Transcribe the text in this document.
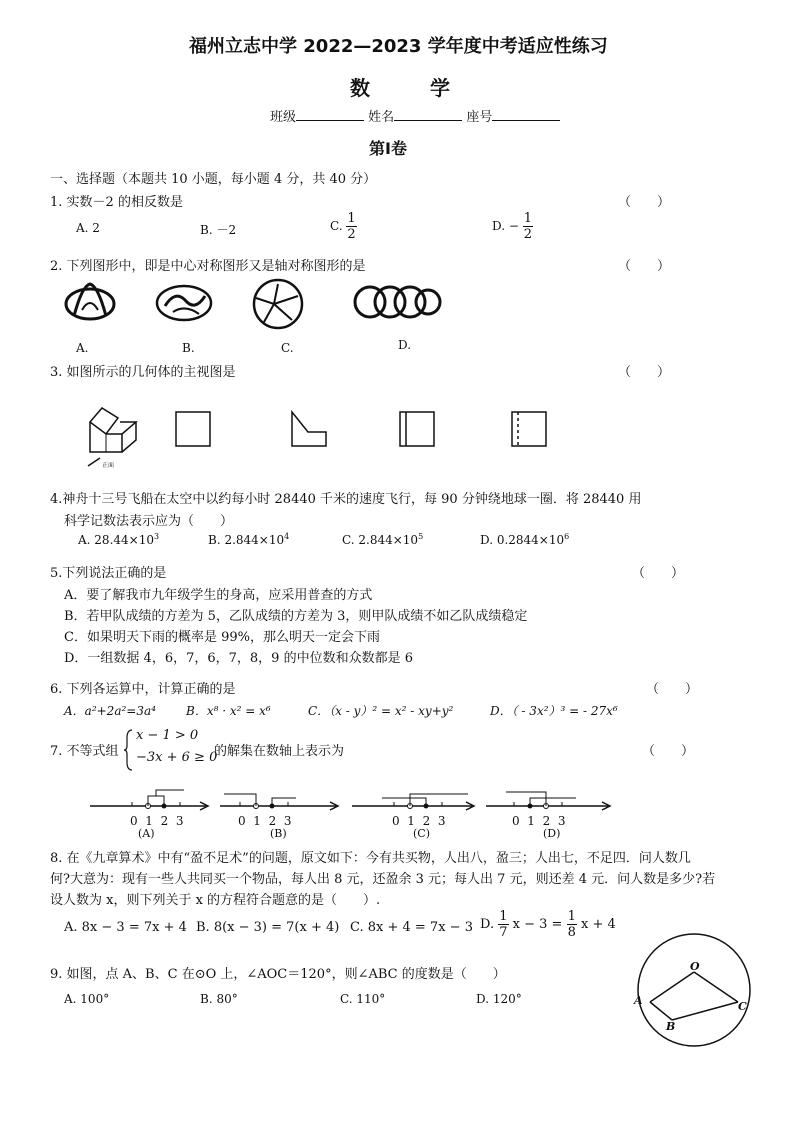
福州立志中学 2022—2023 学年度中考适应性练习
数　　　学
班级	姓名	座号
第Ⅰ卷
一、选择题（本题共 10 小题，每小题 4 分，共 40 分）
1. 实数－2 的相反数是	（　　）
A. 2	B. －2	C. $\frac{1}{2}$	D. − $\frac{1}{2}$
2. 下列图形中，即是中心对称图形又是轴对称图形的是	（　　）
A.	B.	C.	D.
3. 如图所示的几何体的主视图是	（　　）
正面
4.神舟十三号飞船在太空中以约每小时 28440 千米的速度飞行，每 90 分钟绕地球一圈．将 28440 用
科学记数法表示应为（　　）
A. $28.44\times 10^3$	B. $2.844\times 10^4$	C. $2.844\times 10^5$	D. $0.2844\times 10^6$
5.下列说法正确的是	（　　）
A．要了解我市九年级学生的身高，应采用普查的方式
B．若甲队成绩的方差为 5，乙队成绩的方差为 3，则甲队成绩不如乙队成绩稳定
C．如果明天下雨的概率是 99%，那么明天一定会下雨
D．一组数据 4，6，7，6，7，8，9 的中位数和众数都是 6
6. 下列各运算中，计算正确的是	（　　）
A．a²+2a²=3a⁴	B．x⁸ · x² = x⁶	C．（x - y）² = x² - xy+y²	D．（ - 3x²）³ = - 27x⁶
7. 不等式组
x − 1 > 0
−3x + 6 ≥ 0
的解集在数轴上表示为	（　　）
0 1 2 3	0 1 2 3	0 1 2 3	0 1 2 3
(A)	(B)	(C)	(D)
8. 在《九章算术》中有“盈不足术”的问题，原文如下：今有共买物，人出八，盈三；人出七，不足四．问人数几
何?大意为：现有一些人共同买一个物品，每人出 8 元，还盈余 3 元；每人出 7 元，则还差 4 元．问人数是多少?若
设人数为 x，则下列关于 x 的方程符合题意的是（　　）.
A. 8x − 3 = 7x + 4 B. 8(x − 3) = 7(x + 4) C. 8x + 4 = 7x − 3 D. $\frac{1}{7}$ $x - 3 = \frac{1}{8}$ x + 4
9. 如图，点 A、B、C 在⊙O 上，∠AOC＝120°，则∠ABC 的度数是（　　）
A. 100°	B. 80°	C. 110°	D. 120°
O
A
B
C
